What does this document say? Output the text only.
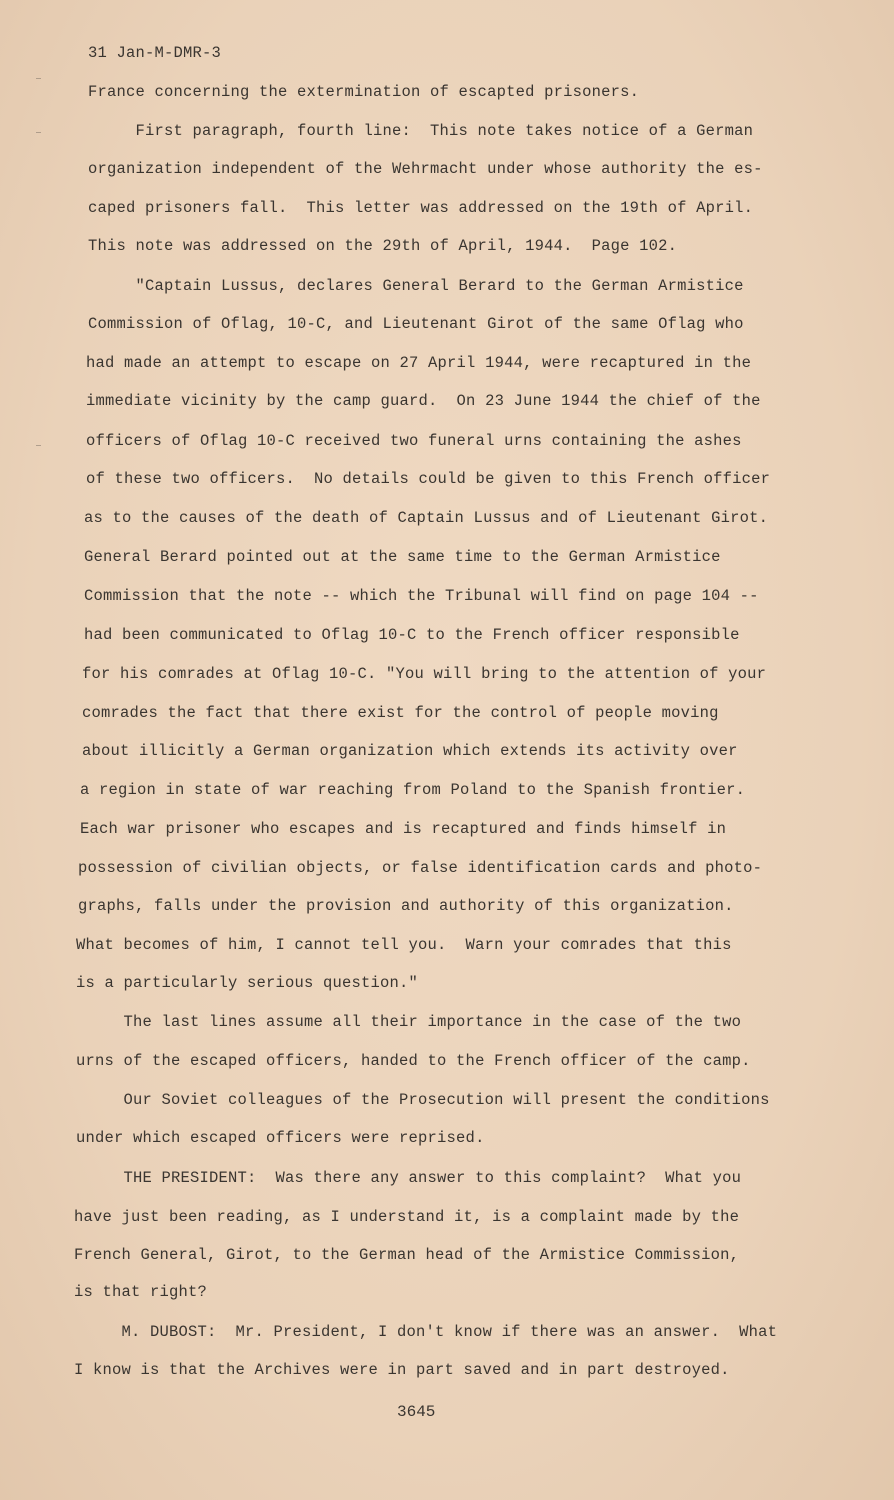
31 Jan-M-DMR-3
France concerning the extermination of escapted prisoners.
First paragraph, fourth line:  This note takes notice of a German
organization independent of the Wehrmacht under whose authority the es-
caped prisoners fall.  This letter was addressed on the 19th of April.
This note was addressed on the 29th of April, 1944.  Page 102.
"Captain Lussus, declares General Berard to the German Armistice
Commission of Oflag, 10-C, and Lieutenant Girot of the same Oflag who
had made an attempt to escape on 27 April 1944, were recaptured in the
immediate vicinity by the camp guard.  On 23 June 1944 the chief of the
officers of Oflag 10-C received two funeral urns containing the ashes
of these two officers.  No details could be given to this French officer
as to the causes of the death of Captain Lussus and of Lieutenant Girot.
General Berard pointed out at the same time to the German Armistice
Commission that the note -- which the Tribunal will find on page 104 --
had been communicated to Oflag 10-C to the French officer responsible
for his comrades at Oflag 10-C. "You will bring to the attention of your
comrades the fact that there exist for the control of people moving
about illicitly a German organization which extends its activity over
a region in state of war reaching from Poland to the Spanish frontier.
Each war prisoner who escapes and is recaptured and finds himself in
possession of civilian objects, or false identification cards and photo-
graphs, falls under the provision and authority of this organization.
What becomes of him, I cannot tell you.  Warn your comrades that this
is a particularly serious question."
The last lines assume all their importance in the case of the two
urns of the escaped officers, handed to the French officer of the camp.
Our Soviet colleagues of the Prosecution will present the conditions
under which escaped officers were reprised.
THE PRESIDENT:  Was there any answer to this complaint?  What you
have just been reading, as I understand it, is a complaint made by the
French General, Girot, to the German head of the Armistice Commission,
is that right?
M. DUBOST:  Mr. President, I don't know if there was an answer.  What
I know is that the Archives were in part saved and in part destroyed.
3645
